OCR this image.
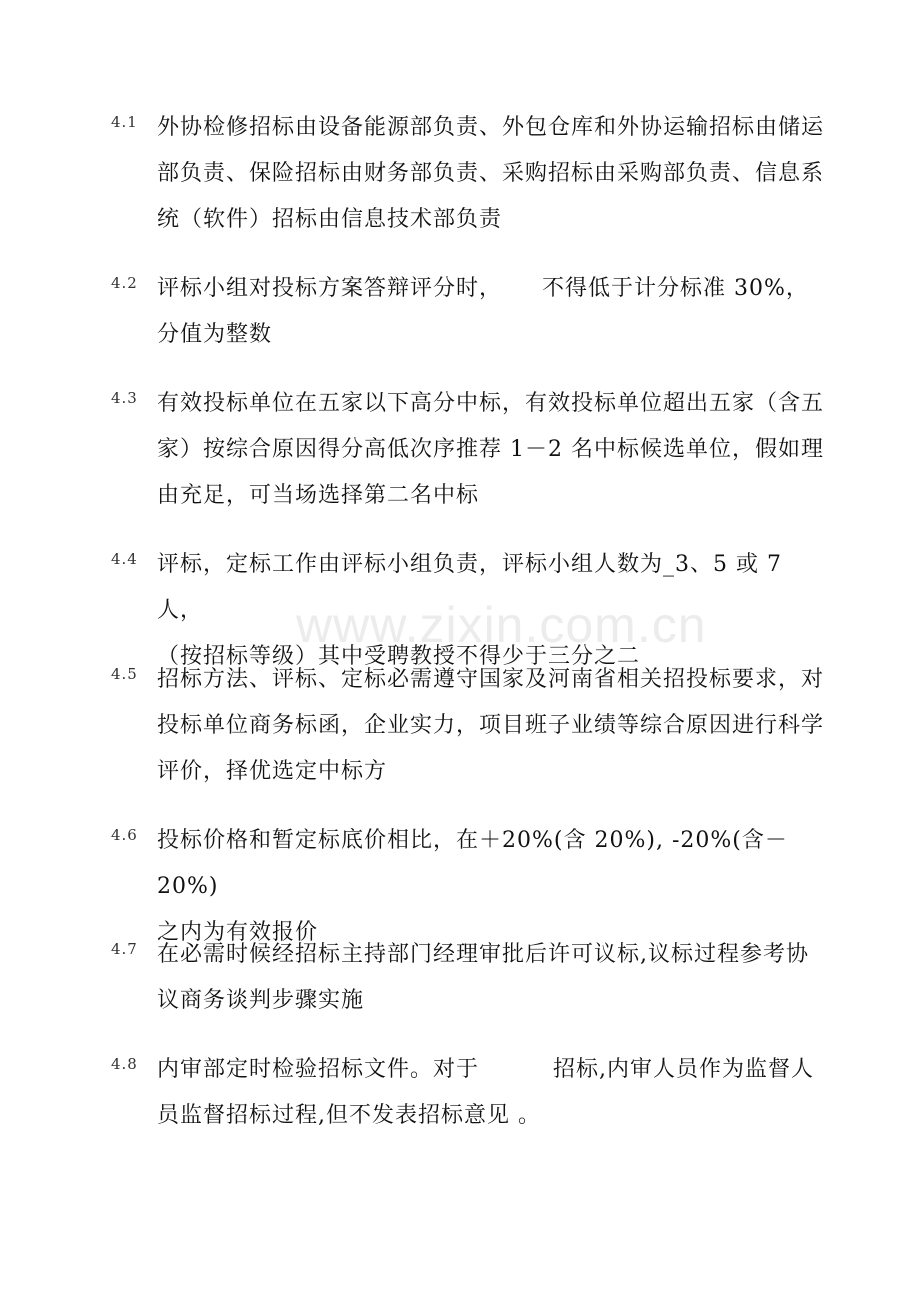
4.1 外协检修招标由设备能源部负责、外包仓库和外协运输招标由储运
部负责、保险招标由财务部负责、采购招标由采购部负责、信息系
统（软件）招标由信息技术部负责
4.2 评标小组对投标方案答辩评分时， 不得低于计分标准 30%，
分值为整数
4.3 有效投标单位在五家以下高分中标，有效投标单位超出五家（含五
家）按综合原因得分高低次序推荐 1－2 名中标候选单位，假如理
由充足，可当场选择第二名中标
4.4 评标，定标工作由评标小组负责，评标小组人数为_3、5 或 7 人，
（按招标等级）其中受聘教授不得少于三分之二
4.5 招标方法、评标、定标必需遵守国家及河南省相关招投标要求，对
投标单位商务标函，企业实力，项目班子业绩等综合原因进行科学
评价，择优选定中标方
4.6 投标价格和暂定标底价相比，在＋20%(含 20%), -20%(含－20%)
之内为有效报价
4.7 在必需时候经招标主持部门经理审批后许可议标,议标过程参考协
议商务谈判步骤实施
4.8 内审部定时检验招标文件。对于	招标,内审人员作为监督人
员监督招标过程,但不发表招标意见 。
www.zixin.com.cn
